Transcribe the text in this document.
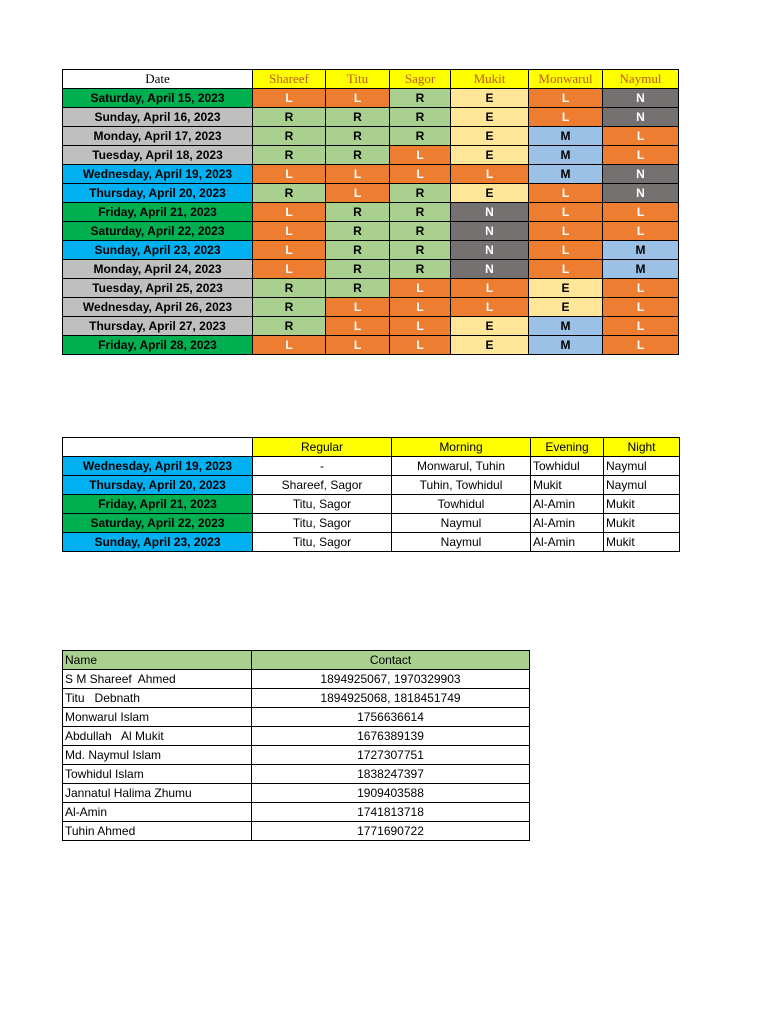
Date	Shareef	Titu	Sagor	Mukit	Monwarul	Naymul
Saturday, April 15, 2023	L	L	R	E	L	N
Sunday, April 16, 2023	R	R	R	E	L	N
Monday, April 17, 2023	R	R	R	E	M	L
Tuesday, April 18, 2023	R	R	L	E	M	L
Wednesday, April 19, 2023	L	L	L	L	M	N
Thursday, April 20, 2023	R	L	R	E	L	N
Friday, April 21, 2023	L	R	R	N	L	L
Saturday, April 22, 2023	L	R	R	N	L	L
Sunday, April 23, 2023	L	R	R	N	L	M
Monday, April 24, 2023	L	R	R	N	L	M
Tuesday, April 25, 2023	R	R	L	L	E	L
Wednesday, April 26, 2023	R	L	L	L	E	L
Thursday, April 27, 2023	R	L	L	E	M	L
Friday, April 28, 2023	L	L	L	E	M	L
	Regular	Morning	Evening	Night
Wednesday, April 19, 2023	-	Monwarul, Tuhin	Towhidul	Naymul
Thursday, April 20, 2023	Shareef, Sagor	Tuhin, Towhidul	Mukit	Naymul
Friday, April 21, 2023	Titu, Sagor	Towhidul	Al-Amin	Mukit
Saturday, April 22, 2023	Titu, Sagor	Naymul	Al-Amin	Mukit
Sunday, April 23, 2023	Titu, Sagor	Naymul	Al-Amin	Mukit
Name	Contact
S M Shareef  Ahmed	1894925067, 1970329903
Titu   Debnath	1894925068, 1818451749
Monwarul Islam	1756636614
Abdullah   Al Mukit	1676389139
Md. Naymul Islam	1727307751
Towhidul Islam	1838247397
Jannatul Halima Zhumu	1909403588
Al-Amin	1741813718
Tuhin Ahmed	1771690722
